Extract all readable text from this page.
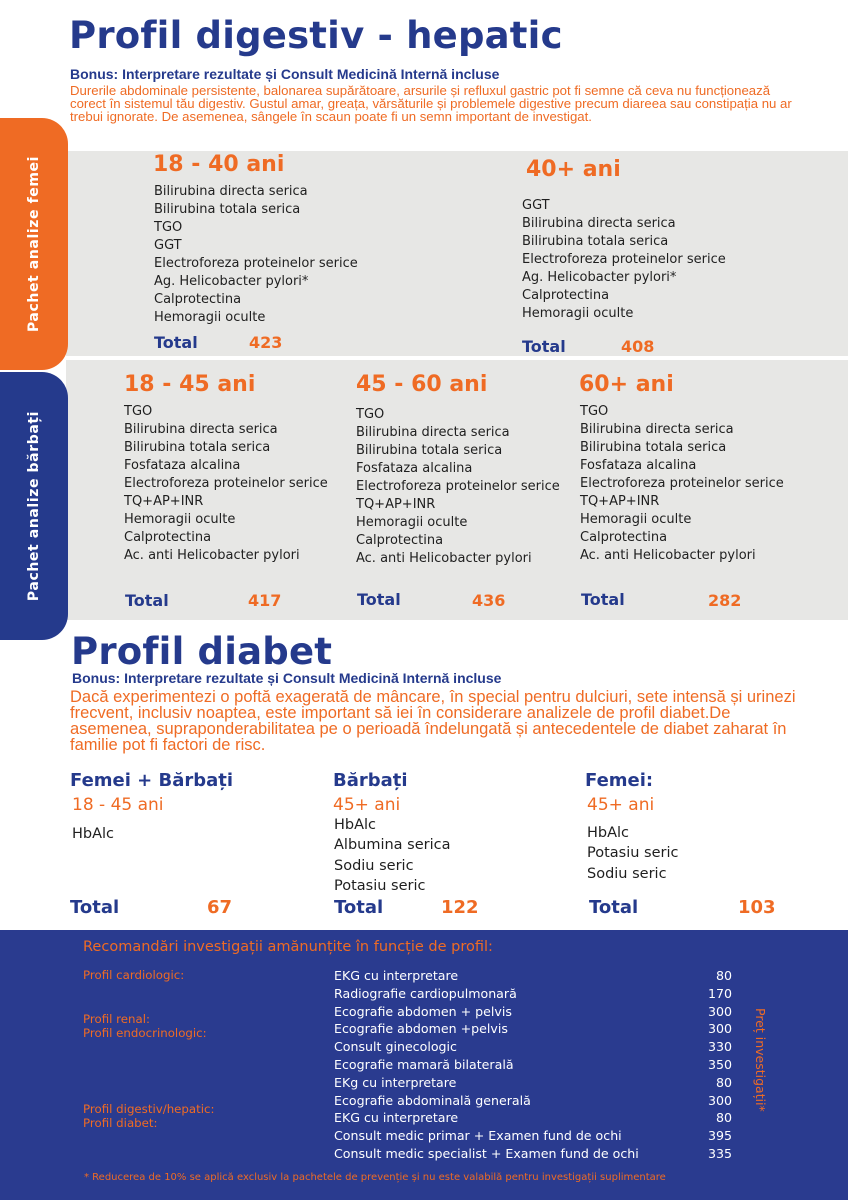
Profil digestiv - hepatic
Bonus: Interpretare rezultate și Consult Medicină Internă incluse
Durerile abdominale persistente, balonarea supărătoare, arsurile și refluxul gastric pot fi semne că ceva nu funcționează corect în sistemul tău digestiv. Gustul amar, greața, vărsăturile și problemele digestive precum diareea sau constipația nu ar trebui ignorate. De asemenea, sângele în scaun poate fi un semn important de investigat.
Pachet analize femei
Pachet analize bărbați
18 - 40 ani
Bilirubina directa serica
Bilirubina totala serica
TGO
GGT
Electroforeza proteinelor serice
Ag. Helicobacter pylori*
Calprotectina
Hemoragii oculte
Total	423
40+ ani
GGT
Bilirubina directa serica
Bilirubina totala serica
Electroforeza proteinelor serice
Ag. Helicobacter pylori*
Calprotectina
Hemoragii oculte
Total	408
18 - 45 ani
TGO
Bilirubina directa serica
Bilirubina totala serica
Fosfataza alcalina
Electroforeza proteinelor serice
TQ+AP+INR
Hemoragii oculte
Calprotectina
Ac. anti Helicobacter pylori
Total	417
45 - 60 ani
TGO
Bilirubina directa serica
Bilirubina totala serica
Fosfataza alcalina
Electroforeza proteinelor serice
TQ+AP+INR
Hemoragii oculte
Calprotectina
Ac. anti Helicobacter pylori
Total	436
60+ ani
TGO
Bilirubina directa serica
Bilirubina totala serica
Fosfataza alcalina
Electroforeza proteinelor serice
TQ+AP+INR
Hemoragii oculte
Calprotectina
Ac. anti Helicobacter pylori
Total	282
Profil diabet
Bonus: Interpretare rezultate și Consult Medicină Internă incluse
Dacă experimentezi o poftă exagerată de mâncare, în special pentru dulciuri, sete intensă și urinezi frecvent, inclusiv noaptea, este important să iei în considerare analizele de profil diabet.De asemenea, supraponderabilitatea pe o perioadă îndelungată și antecedentele de diabet zaharat în familie pot fi factori de risc.
Femei + Bărbați
18 - 45 ani
HbAlc
Total	67
Bărbați
45+ ani
HbAlc
Albumina serica
Sodiu seric
Potasiu seric
Total	122
Femei:
45+ ani
HbAlc
Potasiu seric
Sodiu seric
Total	103
Recomandări investigații amănunțite în funcție de profil:
Profil cardiologic:
Profil renal:
Profil endocrinologic:
Profil digestiv/hepatic:
Profil diabet:
EKG cu interpretare	80
Radiografie cardiopulmonară	170
Ecografie abdomen + pelvis	300
Ecografie abdomen +pelvis	300
Consult ginecologic	330
Ecografie mamară bilaterală	350
EKg cu interpretare	80
Ecografie abdominală generală	300
EKG cu interpretare	80
Consult medic primar + Examen fund de ochi	395
Consult medic specialist + Examen fund de ochi	335
Preț investigații*
* Reducerea de 10% se aplică exclusiv la pachetele de prevenție și nu este valabilă pentru investigații suplimentare
